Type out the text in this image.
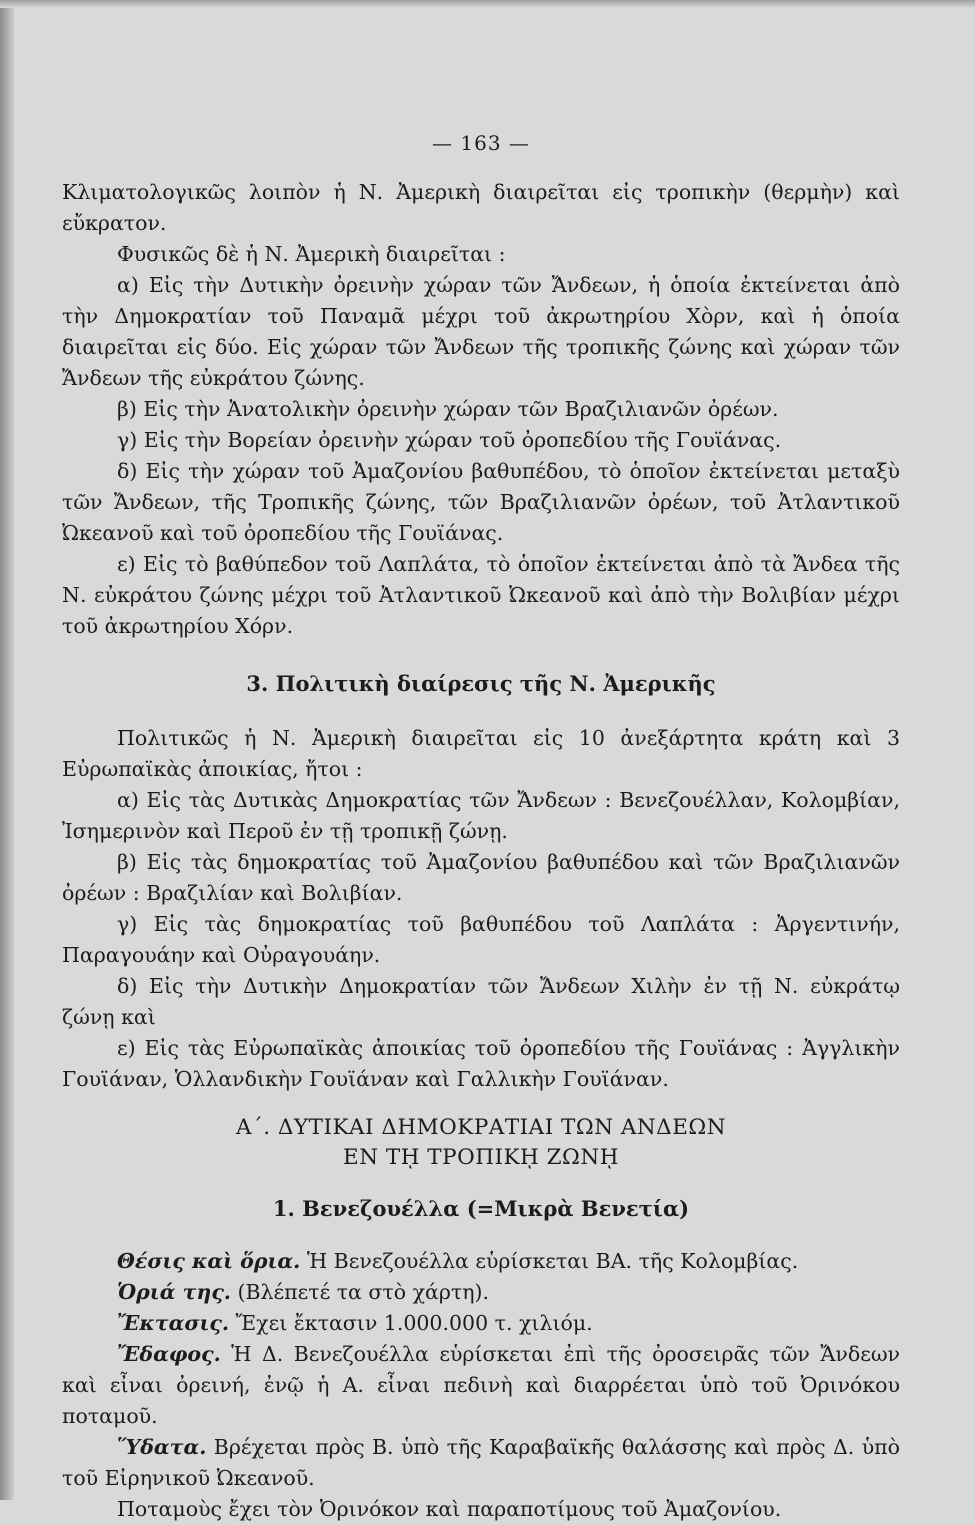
— 163 —

Κλιματολογικῶς λοιπὸν ἡ Ν. Ἀμερικὴ διαιρεῖται εἰς τροπικὴν (θερμὴν) καὶ εὔκρατον.

Φυσικῶς δὲ ἡ Ν. Ἀμερικὴ διαιρεῖται :

α) Εἰς τὴν Δυτικὴν ὀρεινὴν χώραν τῶν Ἄνδεων, ἡ ὁποία ἐκτείνεται ἀπὸ τὴν Δημοκρατίαν τοῦ Παναμᾶ μέχρι τοῦ ἀκρωτηρίου Χὸρν, καὶ ἡ ὁποία διαιρεῖται εἰς δύο. Εἰς χώραν τῶν Ἄνδεων τῆς τροπικῆς ζώνης καὶ χώραν τῶν Ἄνδεων τῆς εὐκράτου ζώνης.

β) Εἰς τὴν Ἀνατολικὴν ὀρεινὴν χώραν τῶν Βραζιλιανῶν ὀρέων.

γ) Εἰς τὴν Βορείαν ὀρεινὴν χώραν τοῦ ὀροπεδίου τῆς Γουϊάνας.

δ) Εἰς τὴν χώραν τοῦ Ἀμαζονίου βαθυπέδου, τὸ ὁποῖον ἐκτείνεται μεταξὺ τῶν Ἄνδεων, τῆς Τροπικῆς ζώνης, τῶν Βραζιλιανῶν ὀρέων, τοῦ Ἀτλαντικοῦ Ὠκεανοῦ καὶ τοῦ ὀροπεδίου τῆς Γουϊάνας.

ε) Εἰς τὸ βαθύπεδον τοῦ Λαπλάτα, τὸ ὁποῖον ἐκτείνεται ἀπὸ τὰ Ἄνδεα τῆς Ν. εὐκράτου ζώνης μέχρι τοῦ Ἀτλαντικοῦ Ὠκεανοῦ καὶ ἀπὸ τὴν Βολιβίαν μέχρι τοῦ ἀκρωτηρίου Χόρν.

3. Πολιτικὴ διαίρεσις τῆς Ν. Ἀμερικῆς

Πολιτικῶς ἡ Ν. Ἀμερικὴ διαιρεῖται εἰς 10 ἀνεξάρτητα κράτη καὶ 3 Εὐρωπαϊκὰς ἀποικίας, ἤτοι :

α) Εἰς τὰς Δυτικὰς Δημοκρατίας τῶν Ἄνδεων : Βενεζουέλλαν, Κολομβίαν, Ἰσημερινὸν καὶ Περοῦ ἐν τῇ τροπικῇ ζώνῃ.

β) Εἰς τὰς δημοκρατίας τοῦ Ἀμαζονίου βαθυπέδου καὶ τῶν Βραζιλιανῶν ὀρέων : Βραζιλίαν καὶ Βολιβίαν.

γ) Εἰς τὰς δημοκρατίας τοῦ βαθυπέδου τοῦ Λαπλάτα : Ἀργεντινήν, Παραγουάην καὶ Οὐραγουάην.

δ) Εἰς τὴν Δυτικὴν Δημοκρατίαν τῶν Ἄνδεων Χιλὴν ἐν τῇ Ν. εὐκράτῳ ζώνῃ καὶ

ε) Εἰς τὰς Εὐρωπαϊκὰς ἀποικίας τοῦ ὀροπεδίου τῆς Γουϊάνας : Ἀγγλικὴν Γουϊάναν, Ὁλλανδικὴν Γουϊάναν καὶ Γαλλικὴν Γουϊάναν.

Α΄. ΔΥΤΙΚΑΙ ΔΗΜΟΚΡΑΤΙΑΙ ΤΩΝ ΑΝΔΕΩΝ
ΕΝ Τῌ ΤΡΟΠΙΚῌ ΖΩΝῌ
1. Βενεζουέλλα (=Μικρὰ Βενετία)

Θέσις καὶ ὅρια. Ἡ Βενεζουέλλα εὑρίσκεται ΒΑ. τῆς Κολομβίας.

Ὁριά της. (Βλέπετέ τα στὸ χάρτη).

Ἔκτασις. Ἔχει ἔκτασιν 1.000.000 τ. χιλιόμ.

Ἔδαφος. Ἡ Δ. Βενεζουέλλα εὑρίσκεται ἐπὶ τῆς ὀροσειρᾶς τῶν Ἄνδεων καὶ εἶναι ὀρεινή, ἐνῷ ἡ Α. εἶναι πεδινὴ καὶ διαρρέεται ὑπὸ τοῦ Ὀρινόκου ποταμοῦ.

Ὕδατα. Βρέχεται πρὸς Β. ὑπὸ τῆς Καραβαϊκῆς θαλάσσης καὶ πρὸς Δ. ὑπὸ τοῦ Εἰρηνικοῦ Ὠκεανοῦ.

Ποταμοὺς ἔχει τὸν Ὀρινόκον καὶ παραποτίμους τοῦ Ἀμαζονίου.
